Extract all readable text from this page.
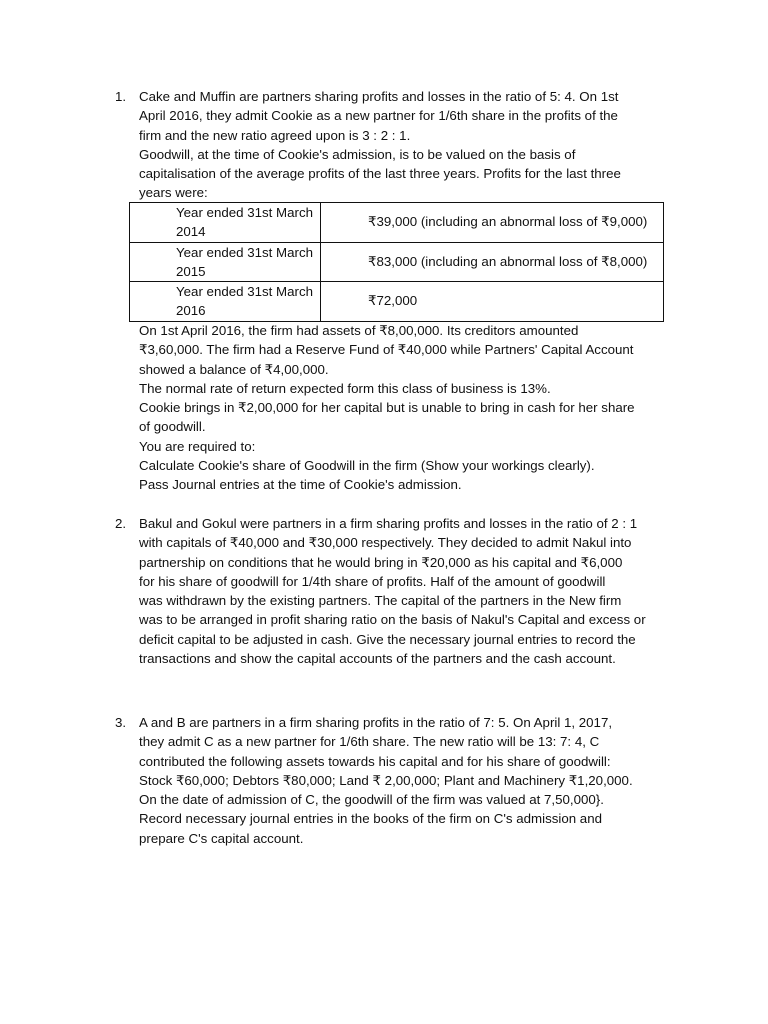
1. Cake and Muffin are partners sharing profits and losses in the ratio of 5: 4. On 1st
April 2016, they admit Cookie as a new partner for 1/6th share in the profits of the
firm and the new ratio agreed upon is 3 : 2 : 1.
Goodwill, at the time of Cookie's admission, is to be valued on the basis of
capitalisation of the average profits of the last three years. Profits for the last three
years were:
Year ended 31st March
2014	₹39,000 (including an abnormal loss of ₹9,000)

Year ended 31st March
2015	₹83,000 (including an abnormal loss of ₹8,000)

Year ended 31st March
2016	₹72,000
On 1st April 2016, the firm had assets of ₹8,00,000. Its creditors amounted
₹3,60,000. The firm had a Reserve Fund of ₹40,000 while Partners' Capital Account
showed a balance of ₹4,00,000.
The normal rate of return expected form this class of business is 13%.
Cookie brings in ₹2,00,000 for her capital but is unable to bring in cash for her share
of goodwill.
You are required to:
Calculate Cookie's share of Goodwill in the firm (Show your workings clearly).
Pass Journal entries at the time of Cookie's admission.
2. Bakul and Gokul were partners in a firm sharing profits and losses in the ratio of 2 : 1
with capitals of ₹40,000 and ₹30,000 respectively. They decided to admit Nakul into
partnership on conditions that he would bring in ₹20,000 as his capital and ₹6,000
for his share of goodwill for 1/4th share of profits. Half of the amount of goodwill
was withdrawn by the existing partners. The capital of the partners in the New firm
was to be arranged in profit sharing ratio on the basis of Nakul's Capital and excess or
deficit capital to be adjusted in cash. Give the necessary journal entries to record the
transactions and show the capital accounts of the partners and the cash account.
3. A and B are partners in a firm sharing profits in the ratio of 7: 5. On April 1, 2017,
they admit C as a new partner for 1/6th share. The new ratio will be 13: 7: 4, C
contributed the following assets towards his capital and for his share of goodwill:
Stock ₹60,000; Debtors ₹80,000; Land ₹ 2,00,000; Plant and Machinery ₹1,20,000.
On the date of admission of C, the goodwill of the firm was valued at 7,50,000}.
Record necessary journal entries in the books of the firm on C's admission and
prepare C's capital account.
